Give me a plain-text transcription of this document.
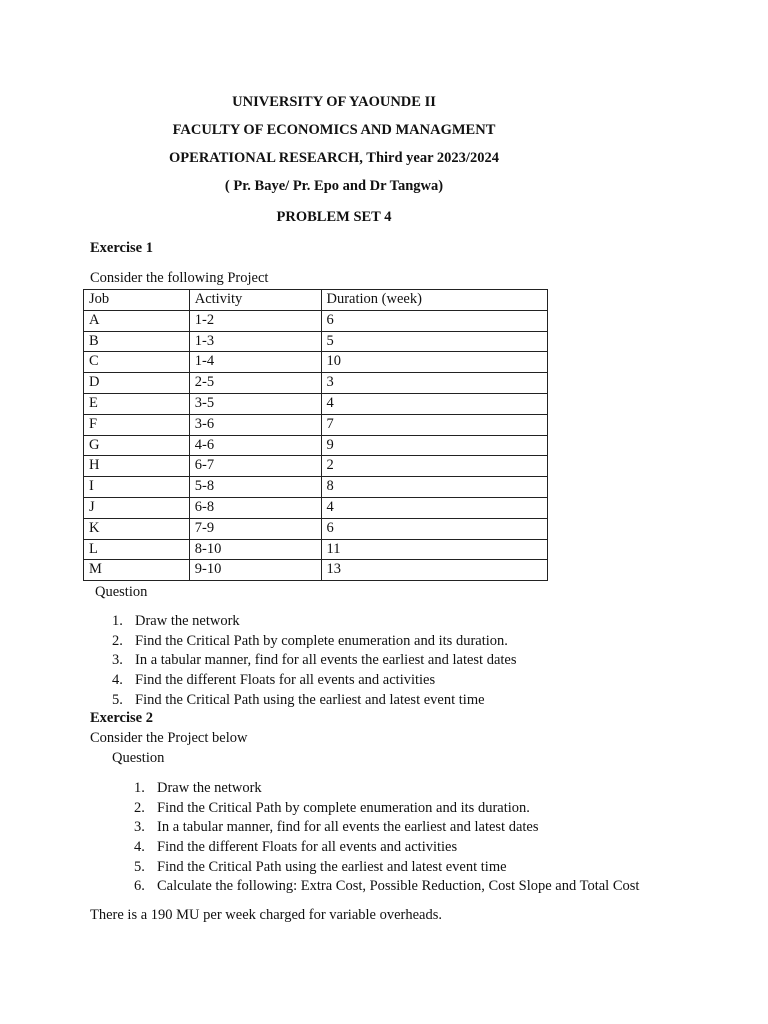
UNIVERSITY OF YAOUNDE II
FACULTY OF ECONOMICS AND MANAGMENT
OPERATIONAL RESEARCH, Third year 2023/2024
( Pr. Baye/ Pr. Epo and Dr Tangwa)
PROBLEM SET 4
Exercise 1
Consider the following Project
Job	Activity	Duration (week)
A	1-2	6
B	1-3	5
C	1-4	10
D	2-5	3
E	3-5	4
F	3-6	7
G	4-6	9
H	6-7	2
I	5-8	8
J	6-8	4
K	7-9	6
L	8-10	11
M	9-10	13
Question
1. Draw the network
2. Find the Critical Path by complete enumeration and its duration.
3. In a tabular manner, find for all events the earliest and latest dates
4. Find the different Floats for all events and activities
5. Find the Critical Path using the earliest and latest event time
Exercise 2
Consider the Project below
Question
1. Draw the network
2. Find the Critical Path by complete enumeration and its duration.
3. In a tabular manner, find for all events the earliest and latest dates
4. Find the different Floats for all events and activities
5. Find the Critical Path using the earliest and latest event time
6. Calculate the following: Extra Cost, Possible Reduction, Cost Slope and Total Cost
There is a 190 MU per week charged for variable overheads.
